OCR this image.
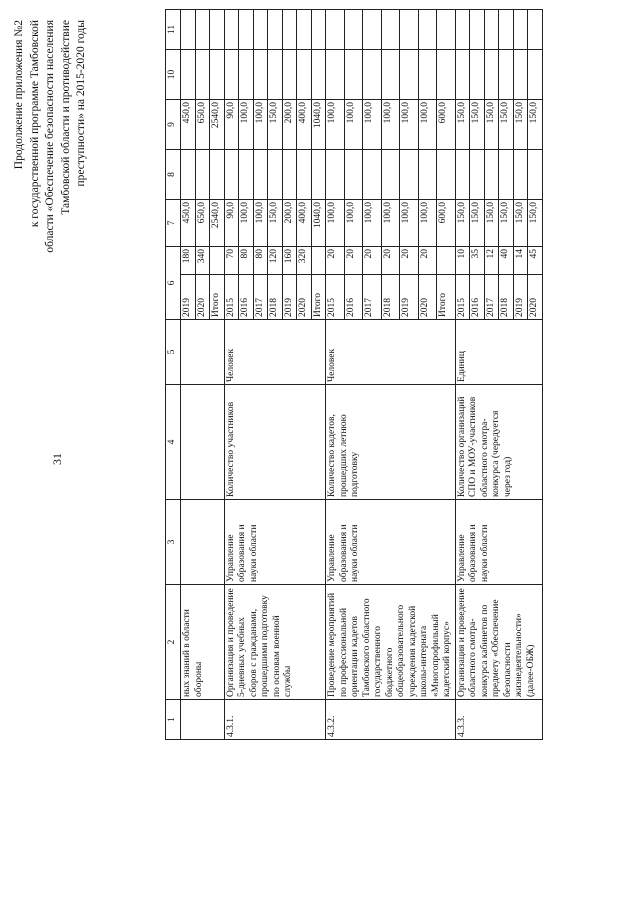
31
Продолжение приложения №2 к государственной программе Тамбовской области «Обеспечение безопасности населения Тамбовской области и противодействие преступности» на 2015-2020 годы
1	2	3	4	5	6		7	8	9	10	11
	ных знаний в области обороны				2019	180	450,0		450,0		
					2020	340	650,0		650,0		
					Итого		2540,0		2540,0		
4.3.1.	Организация и проведение 5-дневных учебных сборов с гражданами, прошедшими подготовку по основам военной службы	Управление образования и науки области	Количество участников	Человек	2015	70	90,0		90,0		
					2016	80	100,0		100,0		
					2017	80	100,0		100,0		
					2018	120	150,0		150,0		
					2019	160	200,0		200,0		
					2020	320	400,0		400,0		
					Итого		1040,0		1040,0		
4.3.2.	Проведение мероприятий по профессиональной ориентации кадетов Тамбовского областного государственного бюджетного общеобразовательного учреждения кадетской школы-интерната «Многопрофильный кадетский корпус»	Управление образования и науки области	Количество кадетов, прошедших летнюю подготовку	Человек	2015	20	100,0		100,0		
					2016	20	100,0		100,0		
					2017	20	100,0		100,0		
					2018	20	100,0		100,0		
					2019	20	100,0		100,0		
					2020	20	100,0		100,0		
					Итого		600,0		600,0		
4.3.3.	Организация и проведение областного смотра-конкурса кабинетов по предмету «Обеспечение безопасности жизнедеятельности» (далее-ОБЖ)	Управление образования и науки области	Количество организаций СПО и МОУ-участников областного смотра-конкурса (чередуется через год)	Единиц	2015	10	150,0		150,0		
					2016	35	150,0		150,0		
					2017	12	150,0		150,0		
					2018	40	150,0		150,0		
					2019	14	150,0		150,0		
					2020	45	150,0		150,0		
